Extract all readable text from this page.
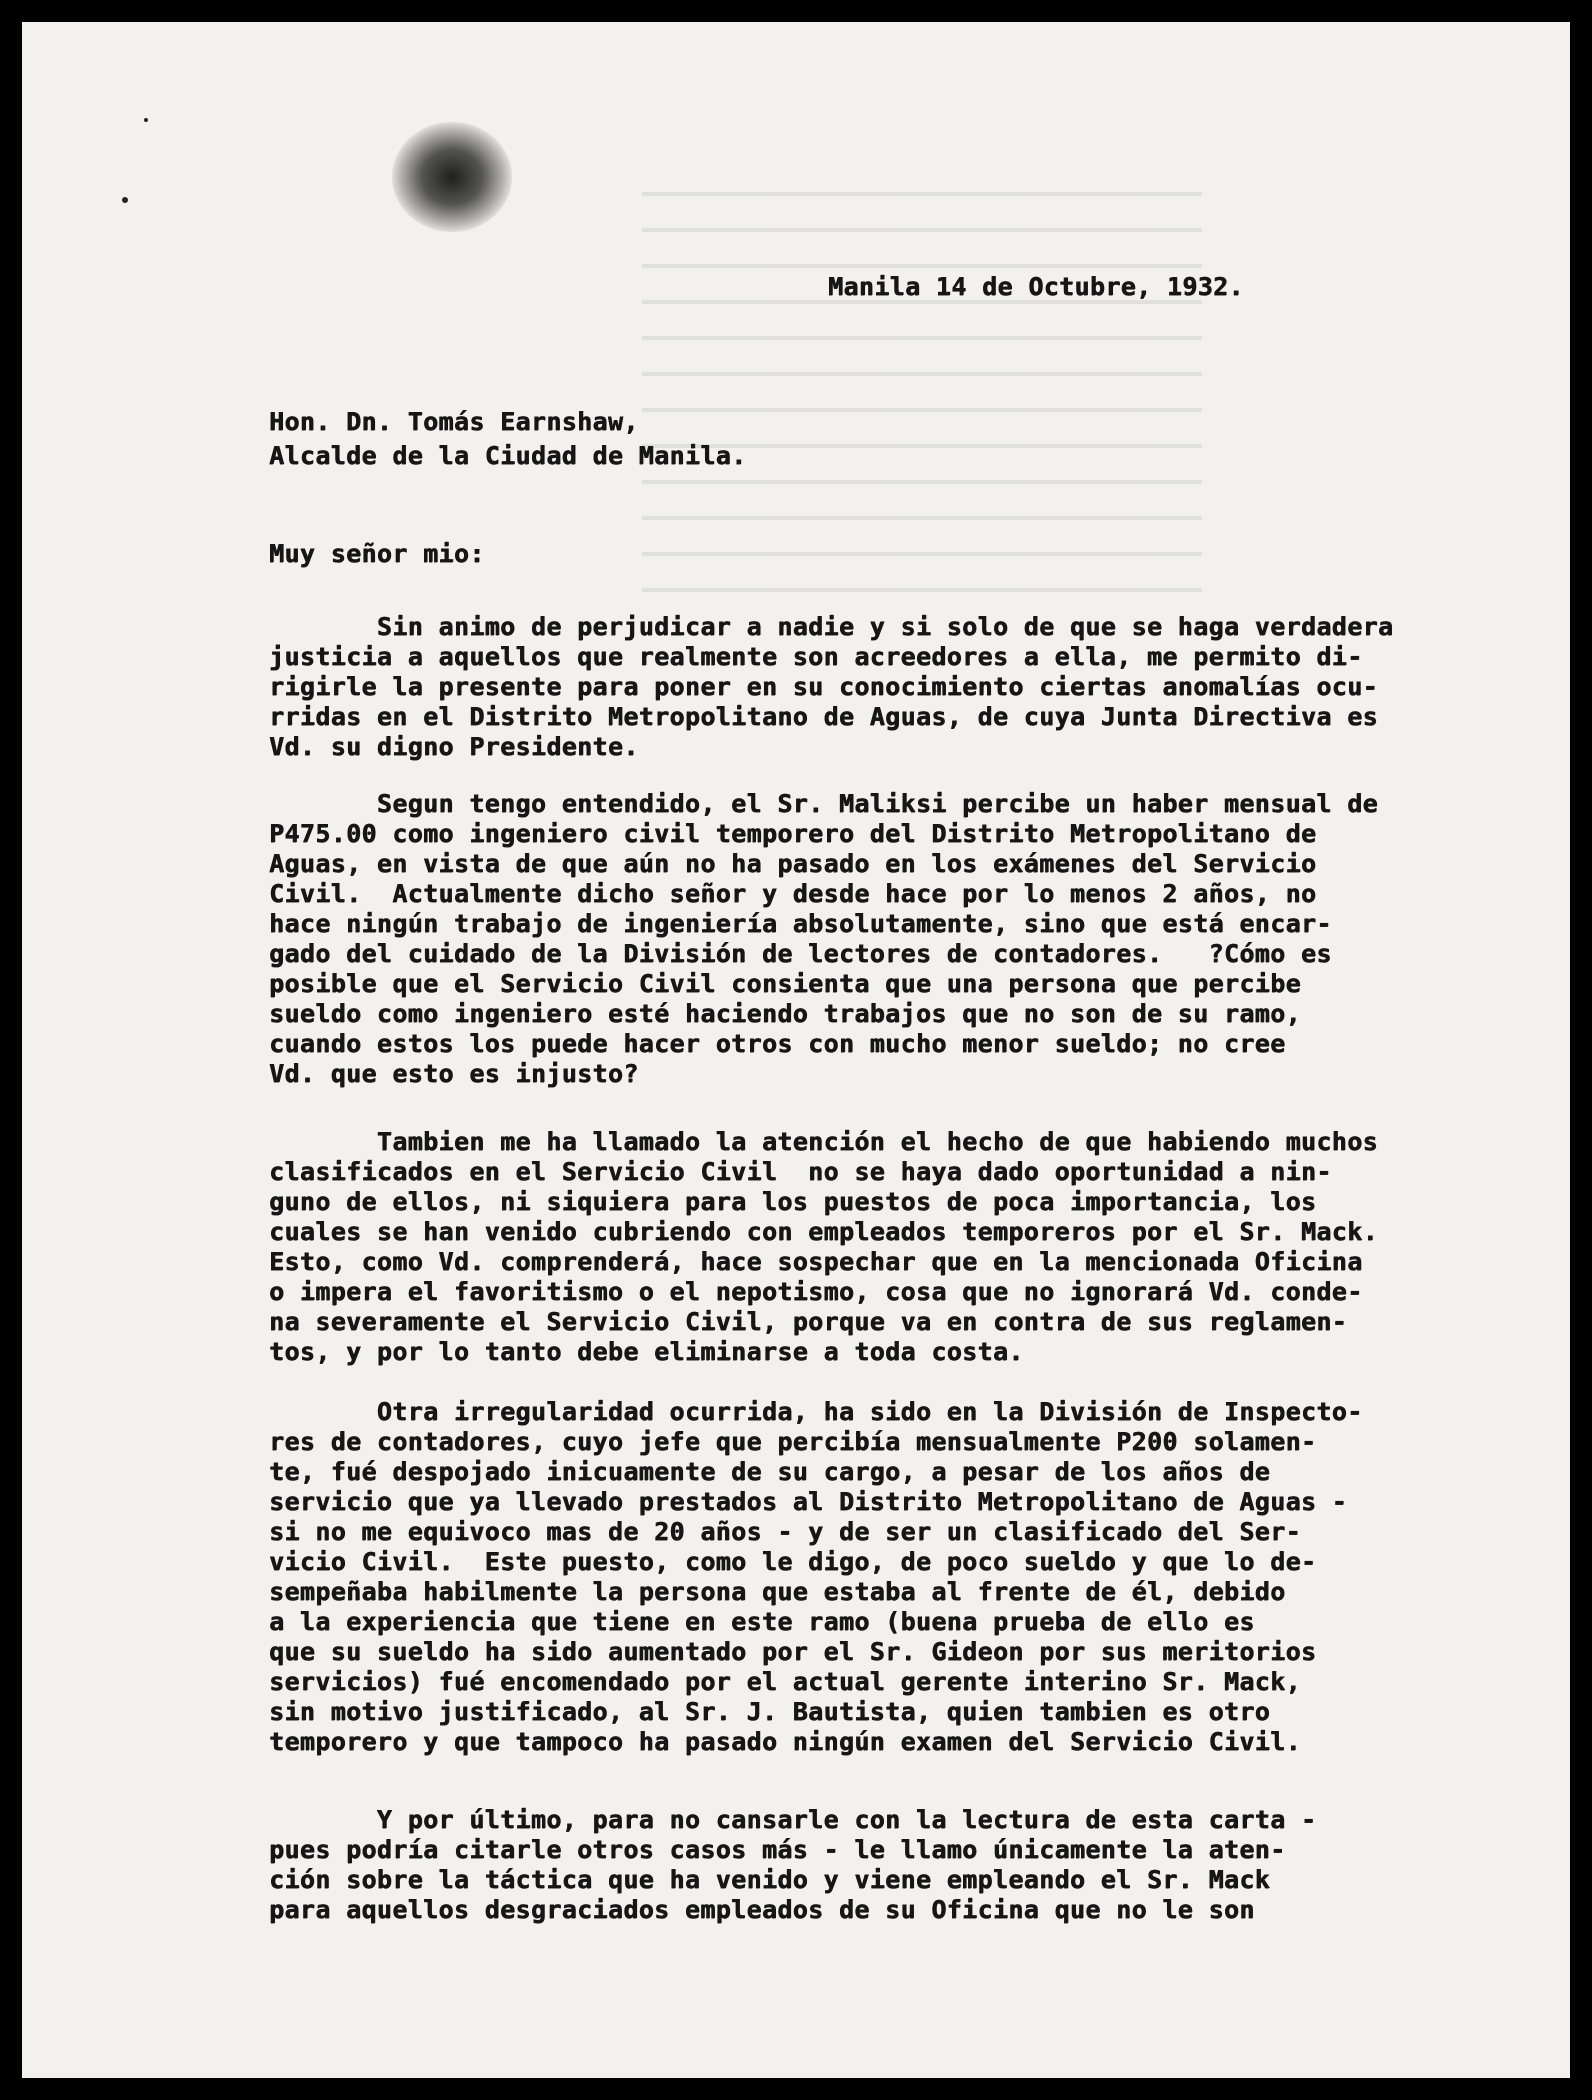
Manila 14 de Octubre, 1932.
Hon. Dn. Tomás Earnshaw,
Alcalde de la Ciudad de Manila.
Muy señor mio:
Sin animo de perjudicar a nadie y si solo de que se haga verdadera
justicia a aquellos que realmente son acreedores a ella, me permito di-
rigirle la presente para poner en su conocimiento ciertas anomalías ocu-
rridas en el Distrito Metropolitano de Aguas, de cuya Junta Directiva es
Vd. su digno Presidente.
Segun tengo entendido, el Sr. Maliksi percibe un haber mensual de
P475.00 como ingeniero civil temporero del Distrito Metropolitano de
Aguas, en vista de que aún no ha pasado en los exámenes del Servicio
Civil.  Actualmente dicho señor y desde hace por lo menos 2 años, no
hace ningún trabajo de ingeniería absolutamente, sino que está encar-
gado del cuidado de la División de lectores de contadores.   ?Cómo es
posible que el Servicio Civil consienta que una persona que percibe
sueldo como ingeniero esté haciendo trabajos que no son de su ramo,
cuando estos los puede hacer otros con mucho menor sueldo; no cree
Vd. que esto es injusto?
Tambien me ha llamado la atención el hecho de que habiendo muchos
clasificados en el Servicio Civil  no se haya dado oportunidad a nin-
guno de ellos, ni siquiera para los puestos de poca importancia, los
cuales se han venido cubriendo con empleados temporeros por el Sr. Mack.
Esto, como Vd. comprenderá, hace sospechar que en la mencionada Oficina
o impera el favoritismo o el nepotismo, cosa que no ignorará Vd. conde-
na severamente el Servicio Civil, porque va en contra de sus reglamen-
tos, y por lo tanto debe eliminarse a toda costa.
Otra irregularidad ocurrida, ha sido en la División de Inspecto-
res de contadores, cuyo jefe que percibía mensualmente P200 solamen-
te, fué despojado inicuamente de su cargo, a pesar de los años de
servicio que ya llevado prestados al Distrito Metropolitano de Aguas -
si no me equivoco mas de 20 años - y de ser un clasificado del Ser-
vicio Civil.  Este puesto, como le digo, de poco sueldo y que lo de-
sempeñaba habilmente la persona que estaba al frente de él, debido
a la experiencia que tiene en este ramo (buena prueba de ello es
que su sueldo ha sido aumentado por el Sr. Gideon por sus meritorios
servicios) fué encomendado por el actual gerente interino Sr. Mack,
sin motivo justificado, al Sr. J. Bautista, quien tambien es otro
temporero y que tampoco ha pasado ningún examen del Servicio Civil.
Y por último, para no cansarle con la lectura de esta carta -
pues podría citarle otros casos más - le llamo únicamente la aten-
ción sobre la táctica que ha venido y viene empleando el Sr. Mack
para aquellos desgraciados empleados de su Oficina que no le son
